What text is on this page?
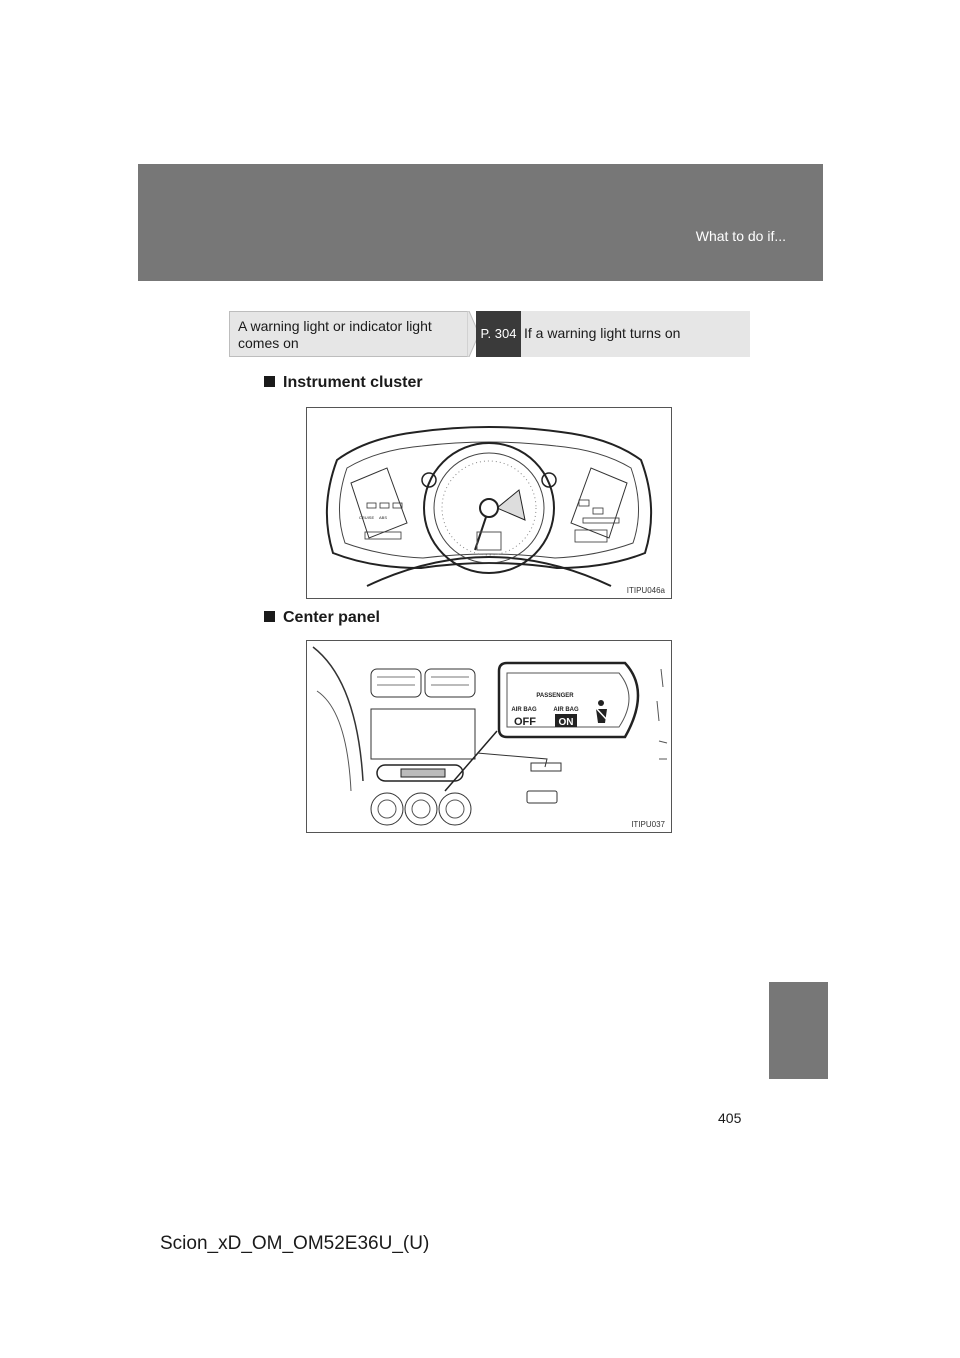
What to do if...
A warning light or indicator light comes on
P. 304 If a warning light turns on
Instrument cluster
CRUISE ABS
ITIPU046a
Center panel
PASSENGER
AIR BAG
OFF
AIR BAG
ON
ITIPU037
405
Scion_xD_OM_OM52E36U_(U)
